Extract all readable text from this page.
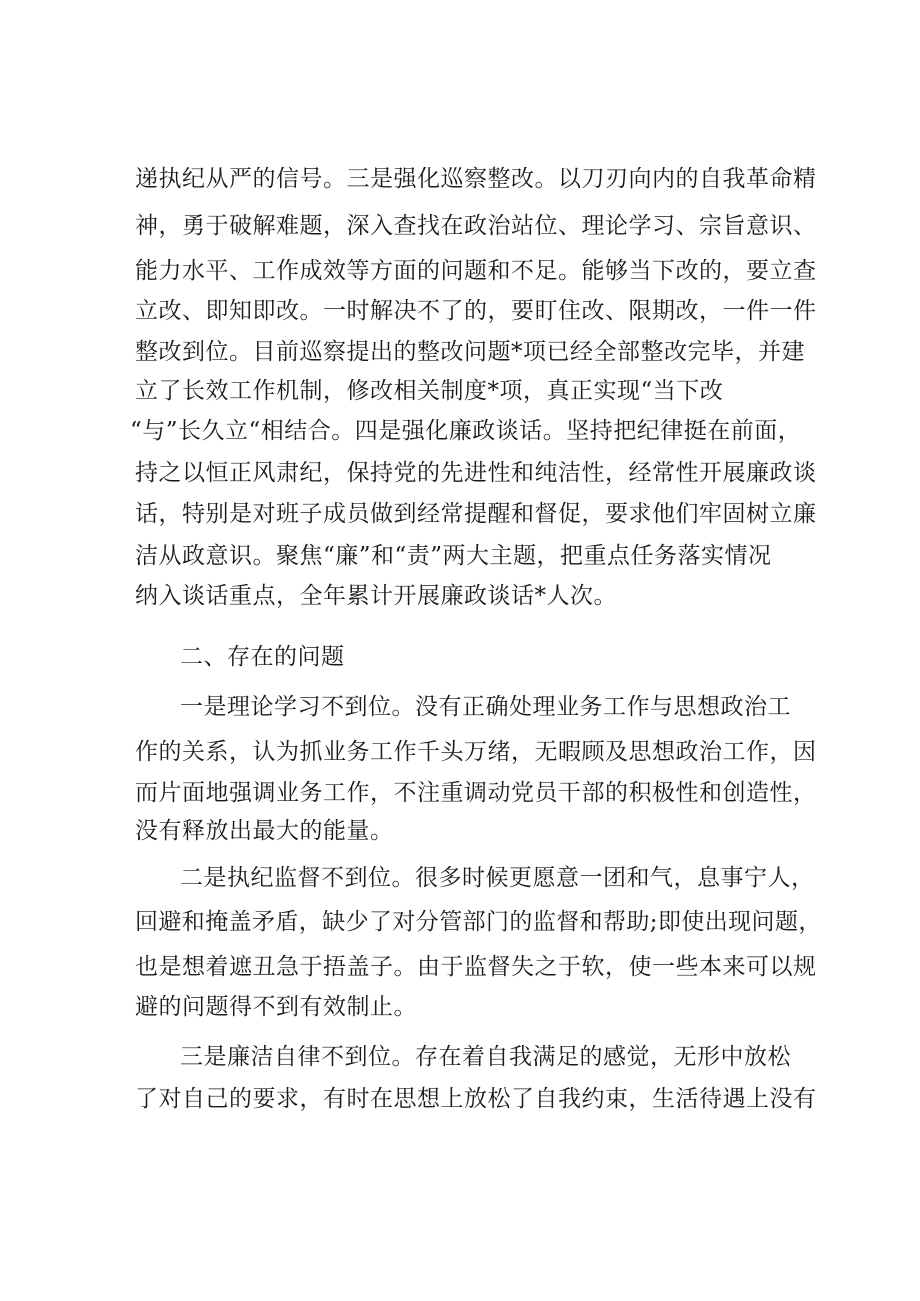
递执纪从严的信号。三是强化巡察整改。以刀刃向内的自我革命精
神，勇于破解难题，深入查找在政治站位、理论学习、宗旨意识、
能力水平、工作成效等方面的问题和不足。能够当下改的，要立查
立改、即知即改。一时解决不了的，要盯住改、限期改，一件一件
整改到位。目前巡察提出的整改问题*项已经全部整改完毕，并建
立了长效工作机制，修改相关制度*项，真正实现“当下改
“与”长久立“相结合。四是强化廉政谈话。坚持把纪律挺在前面，
持之以恒正风肃纪，保持党的先进性和纯洁性，经常性开展廉政谈
话，特别是对班子成员做到经常提醒和督促，要求他们牢固树立廉
洁从政意识。聚焦“廉”和“责”两大主题，把重点任务落实情况
纳入谈话重点，全年累计开展廉政谈话*人次。
二、存在的问题
一是理论学习不到位。没有正确处理业务工作与思想政治工
作的关系，认为抓业务工作千头万绪，无暇顾及思想政治工作，因
而片面地强调业务工作，不注重调动党员干部的积极性和创造性，
没有释放出最大的能量。
二是执纪监督不到位。很多时候更愿意一团和气，息事宁人，
回避和掩盖矛盾，缺少了对分管部门的监督和帮助;即使出现问题，
也是想着遮丑急于捂盖子。由于监督失之于软，使一些本来可以规
避的问题得不到有效制止。
三是廉洁自律不到位。存在着自我满足的感觉，无形中放松
了对自己的要求，有时在思想上放松了自我约束，生活待遇上没有
